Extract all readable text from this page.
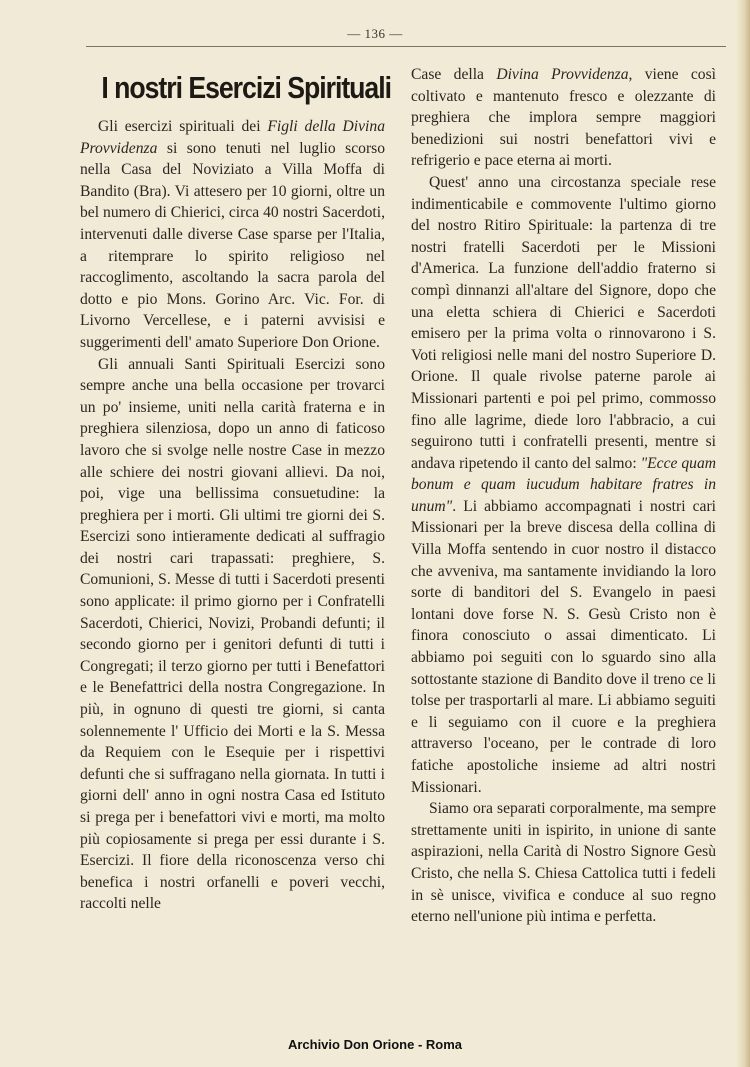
— 136 —
I nostri Esercizi Spirituali

Gli esercizi spirituali dei Figli della Divina Provvidenza si sono tenuti nel luglio scorso nella Casa del Noviziato a Villa Moffa di Bandito (Bra). Vi attesero per 10 giorni, oltre un bel numero di Chierici, circa 40 nostri Sacerdoti, intervenuti dalle diverse Case sparse per l'Italia, a ritemprare lo spirito religioso nel raccoglimento, ascoltando la sacra parola del dotto e pio Mons. Gorino Arc. Vic. For. di Livorno Vercellese, e i paterni avvisisi e suggerimenti dell' amato Superiore Don Orione.

Gli annuali Santi Spirituali Esercizi sono sempre anche una bella occasione per trovarci un po' insieme, uniti nella carità fraterna e in preghiera silenziosa, dopo un anno di faticoso lavoro che si svolge nelle nostre Case in mezzo alle schiere dei nostri giovani allievi. Da noi, poi, vige una bellissima consuetudine: la preghiera per i morti. Gli ultimi tre giorni dei S. Esercizi sono intieramente dedicati al suffragio dei nostri cari trapassati: preghiere, S. Comunioni, S. Messe di tutti i Sacerdoti presenti sono applicate: il primo giorno per i Confratelli Sacerdoti, Chierici, Novizi, Probandi defunti; il secondo giorno per i genitori defunti di tutti i Congregati; il terzo giorno per tutti i Benefattori e le Benefattrici della nostra Congregazione. In più, in ognuno di questi tre giorni, si canta solennemente l' Ufficio dei Morti e la S. Messa da Requiem con le Esequie per i rispettivi defunti che si suffragano nella giornata. In tutti i giorni dell' anno in ogni nostra Casa ed Istituto si prega per i benefattori vivi e morti, ma molto più copiosamente si prega per essi durante i S. Esercizi. Il fiore della riconoscenza verso chi benefica i nostri orfanelli e poveri vecchi, raccolti nelle

Case della Divina Provvidenza, viene così coltivato e mantenuto fresco e olezzante di preghiera che implora sempre maggiori benedizioni sui nostri benefattori vivi e refrigerio e pace eterna ai morti.

Quest' anno una circostanza speciale rese indimenticabile e commovente l'ultimo giorno del nostro Ritiro Spirituale: la partenza di tre nostri fratelli Sacerdoti per le Missioni d'America. La funzione dell'addio fraterno si compì dinnanzi all'altare del Signore, dopo che una eletta schiera di Chierici e Sacerdoti emisero per la prima volta o rinnovarono i S. Voti religiosi nelle mani del nostro Superiore D. Orione. Il quale rivolse paterne parole ai Missionari partenti e poi pel primo, commosso fino alle lagrime, diede loro l'abbracio, a cui seguirono tutti i confratelli presenti, mentre si andava ripetendo il canto del salmo: "Ecce quam bonum e quam iucudum habitare fratres in unum". Li abbiamo accompagnati i nostri cari Missionari per la breve discesa della collina di Villa Moffa sentendo in cuor nostro il distacco che avveniva, ma santamente invidiando la loro sorte di banditori del S. Evangelo in paesi lontani dove forse N. S. Gesù Cristo non è finora conosciuto o assai dimenticato. Li abbiamo poi seguiti con lo sguardo sino alla sottostante stazione di Bandito dove il treno ce li tolse per trasportarli al mare. Li abbiamo seguiti e li seguiamo con il cuore e la preghiera attraverso l'oceano, per le contrade di loro fatiche apostoliche insieme ad altri nostri Missionari.

Siamo ora separati corporalmente, ma sempre strettamente uniti in ispirito, in unione di sante aspirazioni, nella Carità di Nostro Signore Gesù Cristo, che nella S. Chiesa Cattolica tutti i fedeli in sè unisce, vivifica e conduce al suo regno eterno nell'unione più intima e perfetta.

Archivio Don Orione - Roma
